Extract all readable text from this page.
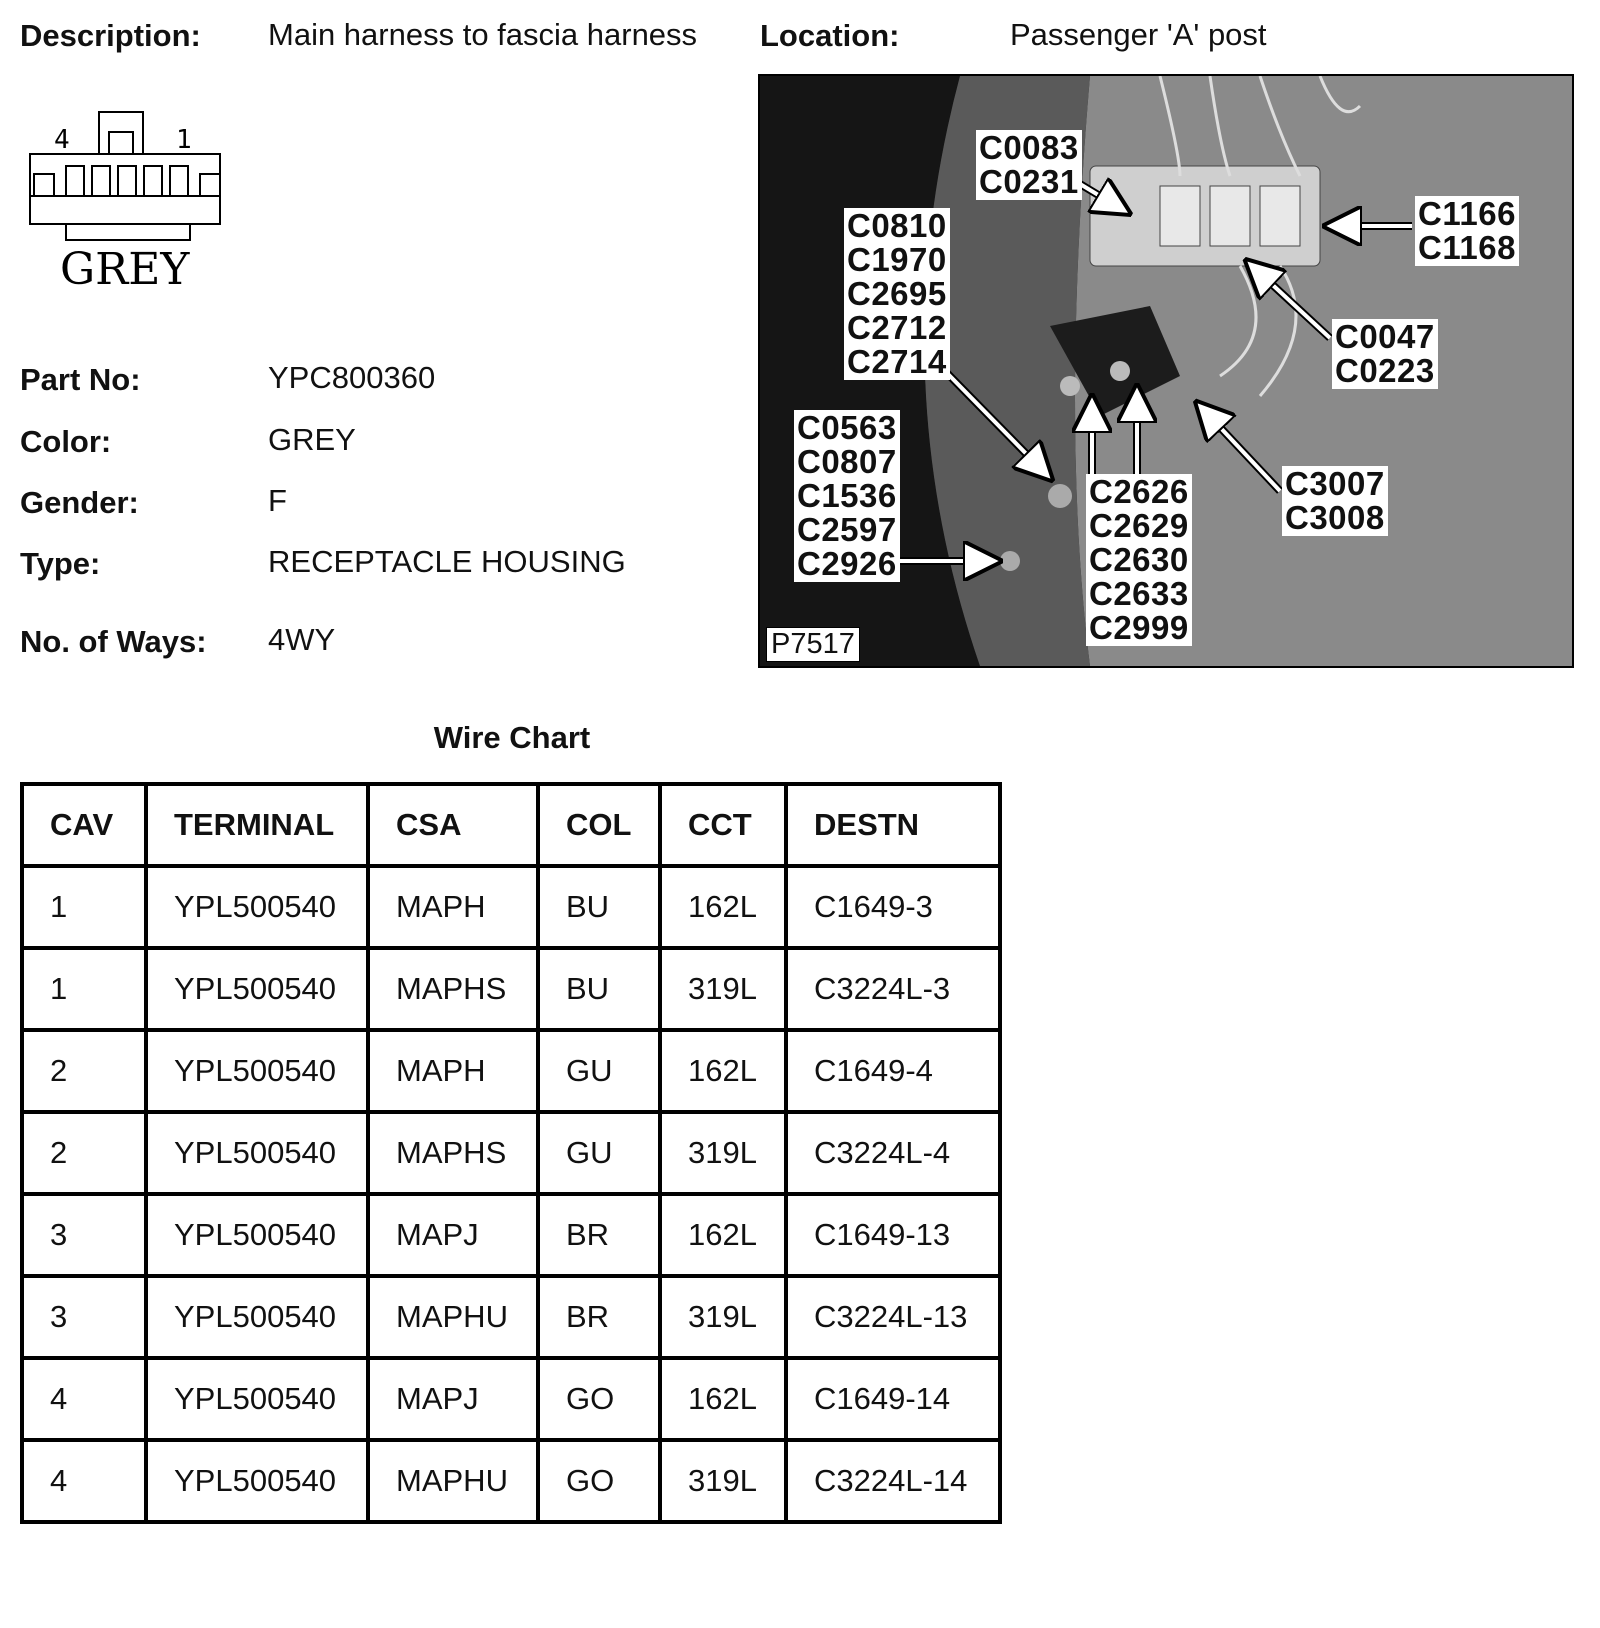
Description: Main harness to fascia harness Location:	Passenger 'A' post
4	1
GREY
Part No:	YPC800360
Color:	GREY
Gender:	F
Type:	RECEPTACLE HOUSING
No. of Ways: 4WY
C0083
C0231
C0810
C1970
C2695
C2712
C2714
C1166
C1168
C0047
C0223
C0563
C0807
C1536
C2597
C2926
C2626
C2629
C2630
C2633
C2999
C3007
C3008
P7517
Wire Chart
CAV	TERMINAL	CSA	COL	CCT	DESTN
1	YPL500540	MAPH	BU	162L	C1649-3
1	YPL500540	MAPHS	BU	319L	C3224L-3
2	YPL500540	MAPH	GU	162L	C1649-4
2	YPL500540	MAPHS	GU	319L	C3224L-4
3	YPL500540	MAPJ	BR	162L	C1649-13
3	YPL500540	MAPHU	BR	319L	C3224L-13
4	YPL500540	MAPJ	GO	162L	C1649-14
4	YPL500540	MAPHU	GO	319L	C3224L-14
